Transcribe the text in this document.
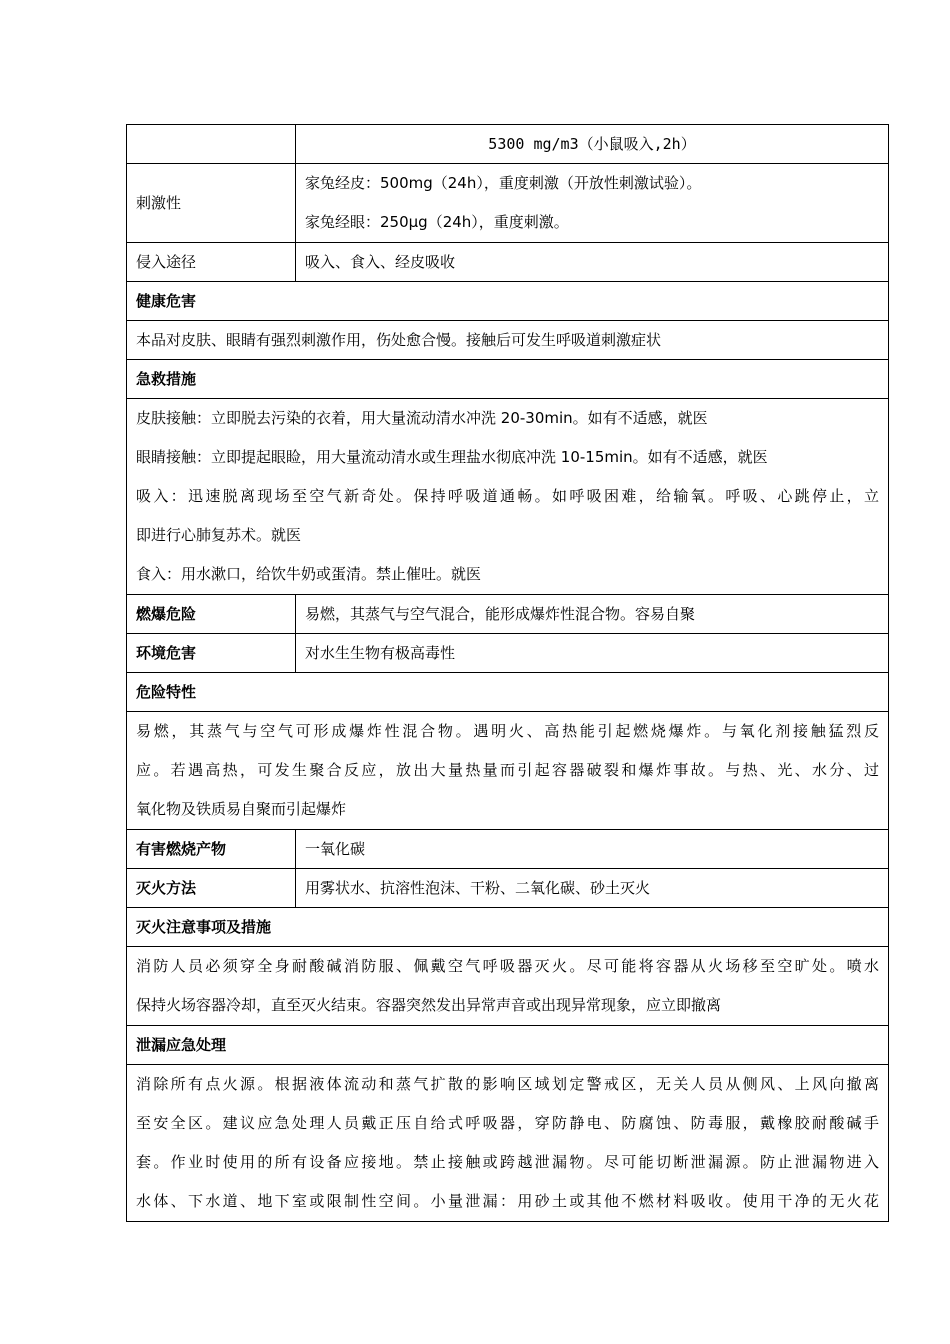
	5300 mg/m3（小鼠吸入,2h）
刺激性	家兔经皮：500mg（24h），重度刺激（开放性刺激试验）。
家兔经眼：250μg（24h），重度刺激。

侵入途径	吸入、食入、经皮吸收
健康危害	
本品对皮肤、眼睛有强烈刺激作用，伤处愈合慢。接触后可发生呼吸道刺激症状	
急救措施	

皮肤接触：立即脱去污染的衣着，用大量流动清水冲洗 20-30min。如有不适感，就医
眼睛接触：立即提起眼睑，用大量流动清水或生理盐水彻底冲洗 10-15min。如有不适感，就医
吸入：迅速脱离现场至空气新奇处。保持呼吸道通畅。如呼吸困难，给输氧。呼吸、心跳停止，立
即进行心肺复苏术。就医
食入：用水漱口，给饮牛奶或蛋清。禁止催吐。就医	

燃爆危险	易燃，其蒸气与空气混合，能形成爆炸性混合物。容易自聚
环境危害	对水生生物有极高毒性
危险特性	

易燃，其蒸气与空气可形成爆炸性混合物。遇明火、高热能引起燃烧爆炸。与氧化剂接触猛烈反
应。若遇高热，可发生聚合反应，放出大量热量而引起容器破裂和爆炸事故。与热、光、水分、过
氧化物及铁质易自聚而引起爆炸	

有害燃烧产物	一氧化碳
灭火方法	用雾状水、抗溶性泡沫、干粉、二氧化碳、砂土灭火
灭火注意事项及措施	

消防人员必须穿全身耐酸碱消防服、佩戴空气呼吸器灭火。尽可能将容器从火场移至空旷处。喷水
保持火场容器冷却，直至灭火结束。容器突然发出异常声音或出现异常现象，应立即撤离	

泄漏应急处理	

消除所有点火源。根据液体流动和蒸气扩散的影响区域划定警戒区，无关人员从侧风、上风向撤离
至安全区。建议应急处理人员戴正压自给式呼吸器，穿防静电、防腐蚀、防毒服，戴橡胶耐酸碱手
套。作业时使用的所有设备应接地。禁止接触或跨越泄漏物。尽可能切断泄漏源。防止泄漏物进入
水体、下水道、地下室或限制性空间。小量泄漏：用砂土或其他不燃材料吸收。使用干净的无火花	
